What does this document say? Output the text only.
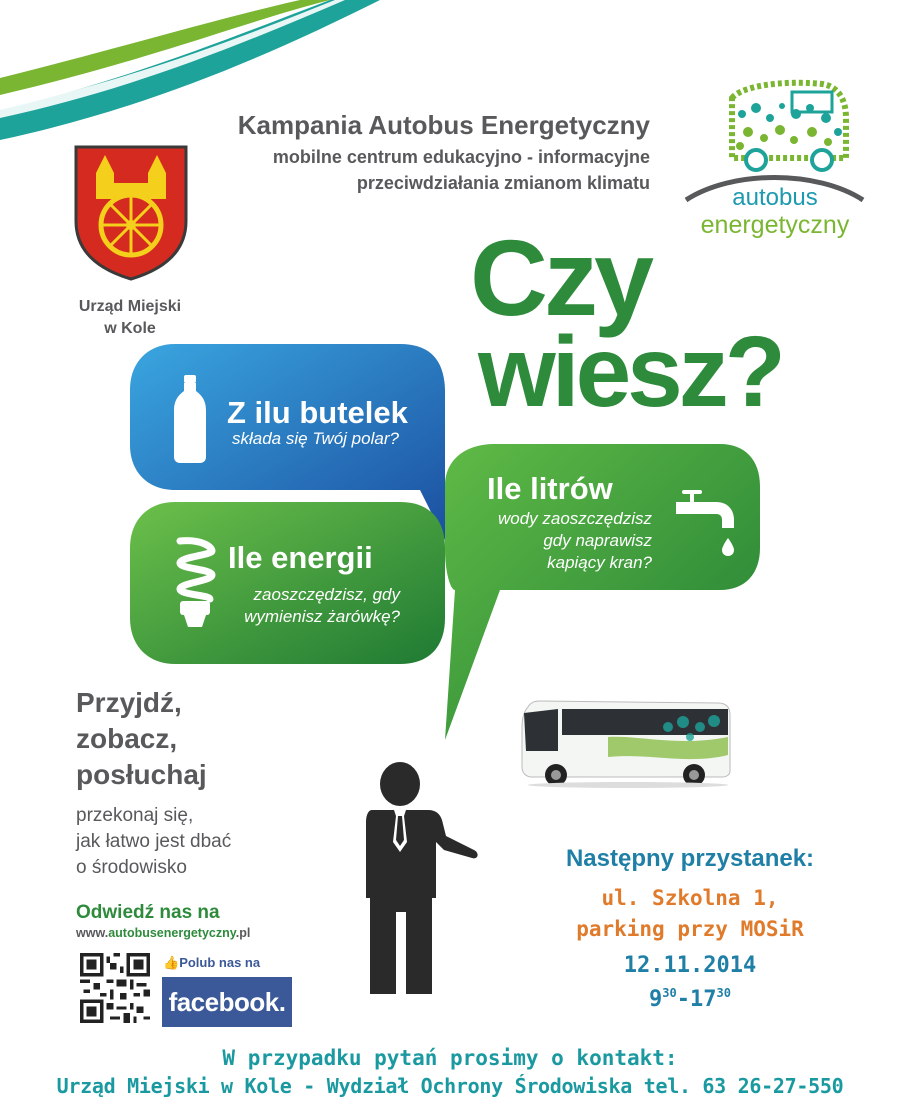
Kampania Autobus Energetyczny
mobilne centrum edukacyjno - informacyjne
przeciwdziałania zmianom klimatu
Urząd Miejski
w Kole
autobus
energetyczny
Czy
wiesz?
Z ilu butelek
składa się Twój polar?
Ile litrów
wody zaoszczędzisz
gdy naprawisz
kapiący kran?
Ile energii
zaoszczędzisz, gdy
wymienisz żarówkę?
Przyjdź,
zobacz,
posłuchaj
przekonaj się,
jak łatwo jest dbać
o środowisko
Odwiedź nas na
www.autobusenergetyczny.pl
👍Polub nas na
facebook.
Następny przystanek:
ul. Szkolna 1,
parking przy MOSiR
12.11.2014
$9^{30}-17^{30}$
W przypadku pytań prosimy o kontakt:
Urząd Miejski w Kole - Wydział Ochrony Środowiska tel. 63 26-27-550
